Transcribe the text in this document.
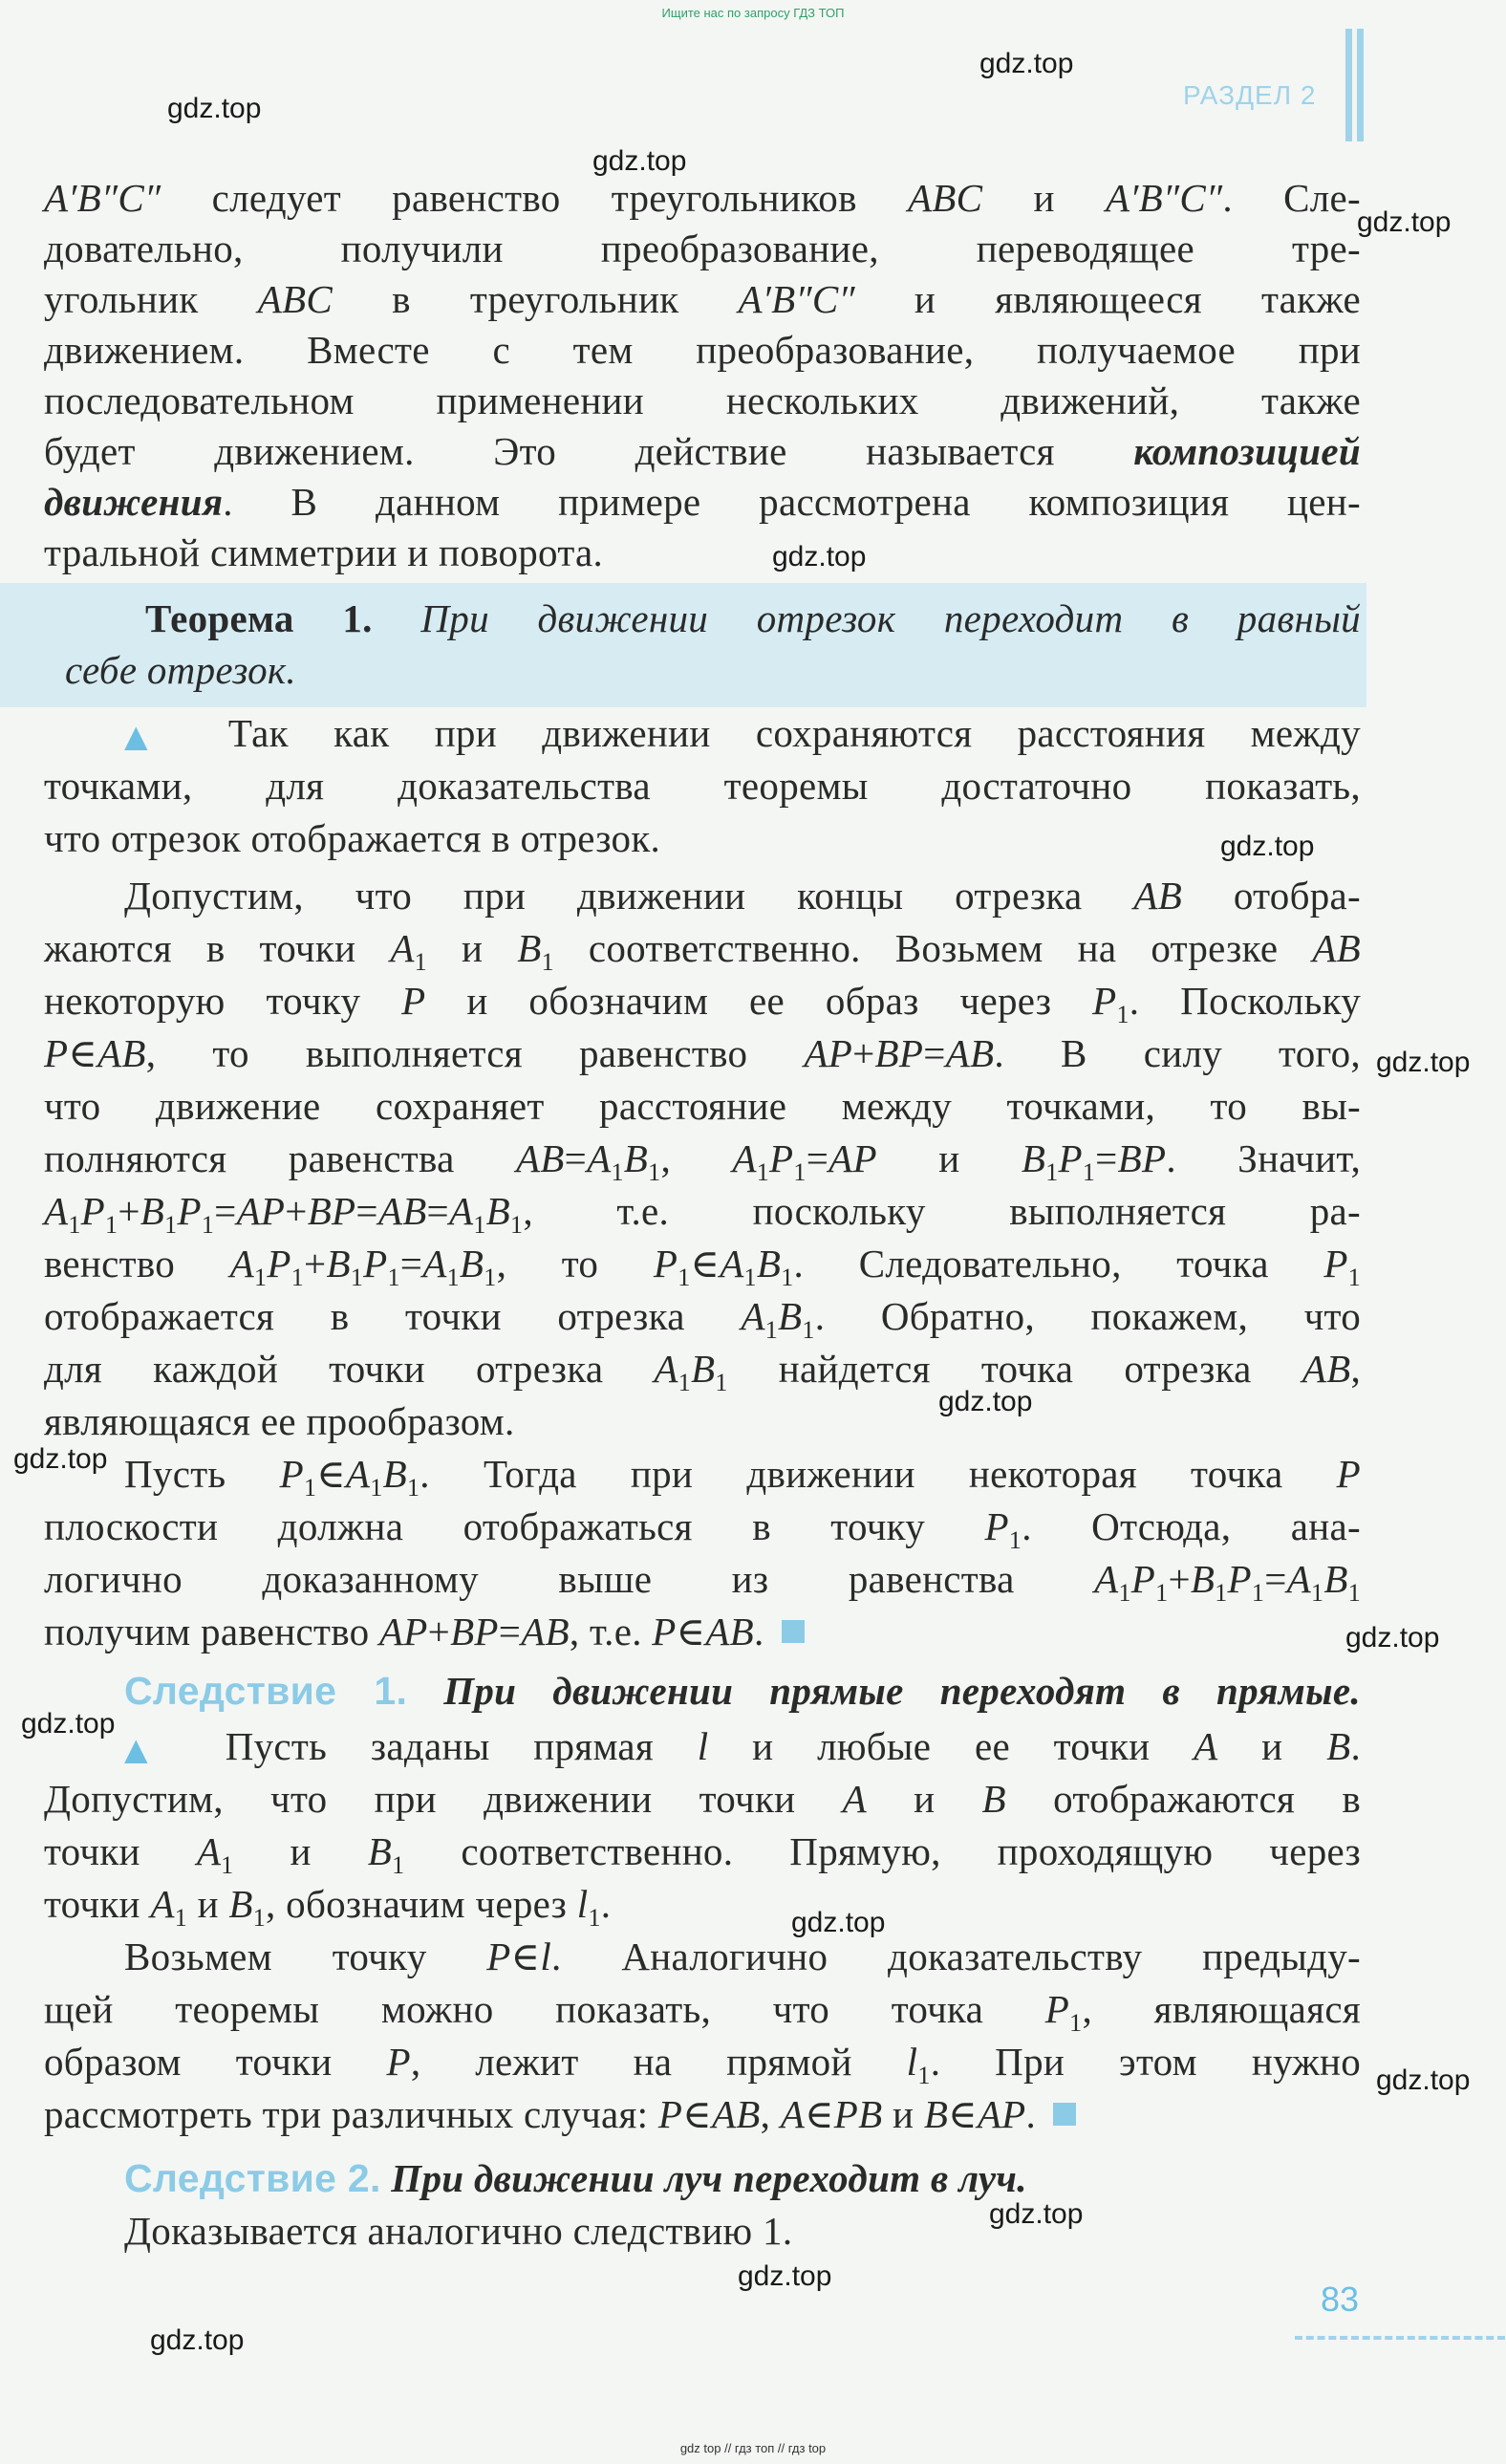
Ищите нас по запросу ГДЗ ТОП
РАЗДЕЛ 2
gdz.top
gdz.top
gdz.top
gdz.top
gdz.top
gdz.top
gdz.top
gdz.top
gdz.top
gdz.top
gdz.top
gdz.top
gdz.top
gdz.top
gdz.top
gdz.top
A′B″C″ следует равенство треугольников ABC и A′B″C″. Сле-
довательно, получили преобразование, переводящее тре-
угольник ABC в треугольник A′B″C″ и являющееся также
движением. Вместе с тем преобразование, получаемое при
последовательном применении нескольких движений, также
будет движением. Это действие называется композицией
движения. В данном примере рассмотрена композиция цен-
тральной симметрии и поворота.
Теорема 1. При движении отрезок переходит в равный
себе отрезок.
▲ Так как при движении сохраняются расстояния между
точками, для доказательства теоремы достаточно показать,
что отрезок отображается в отрезок.
Допустим, что при движении концы отрезка AB отобра-
жаются в точки $A_1$ и $B_1$ соответственно. Возьмем на отрезке AB
некоторую точку P и обозначим ее образ через $P_1$. Поскольку
P∈AB, то выполняется равенство AP+BP=AB. В силу того,
что движение сохраняет расстояние между точками, то вы-
полняются равенства $AB=A_1B_1$, $A_1P_1=AP$ и $B_1P_1=BP$. Значит,
$A_1P_1+B_1P_1=AP+BP=AB=A_1B_1$, т.е. поскольку выполняется ра-
венство $A_1P_1+B_1P_1=A_1B_1$, то $P_1\in A_1B_1$. Следовательно, точка $P_1$
отображается в точки отрезка $A_1B_1$. Обратно, покажем, что
для каждой точки отрезка $A_1B_1$ найдется точка отрезка AB,
являющаяся ее прообразом.
Пусть $P_1\in A_1B_1$. Тогда при движении некоторая точка P
плоскости должна отображаться в точку $P_1$. Отсюда, ана-
логично доказанному выше из равенства $A_1P_1+B_1P_1=A_1B_1$
получим равенство AP+BP=AB, т.е. P∈AB.
Следствие 1. При движении прямые переходят в прямые.
▲ Пусть заданы прямая l и любые ее точки A и B.
Допустим, что при движении точки A и B отображаются в
точки $A_1$ и $B_1$ соответственно. Прямую, проходящую через
точки $A_1$ и $B_1$, обозначим через $l_1$.
Возьмем точку P∈l. Аналогично доказательству предыду-
щей теоремы можно показать, что точка $P_1$, являющаяся
образом точки P, лежит на прямой $l_1$. При этом нужно
рассмотреть три различных случая: P∈AB, A∈PB и B∈AP.
Следствие 2. При движении луч переходит в луч.
Доказывается аналогично следствию 1.
83
gdz top // гдз топ // гдз top
